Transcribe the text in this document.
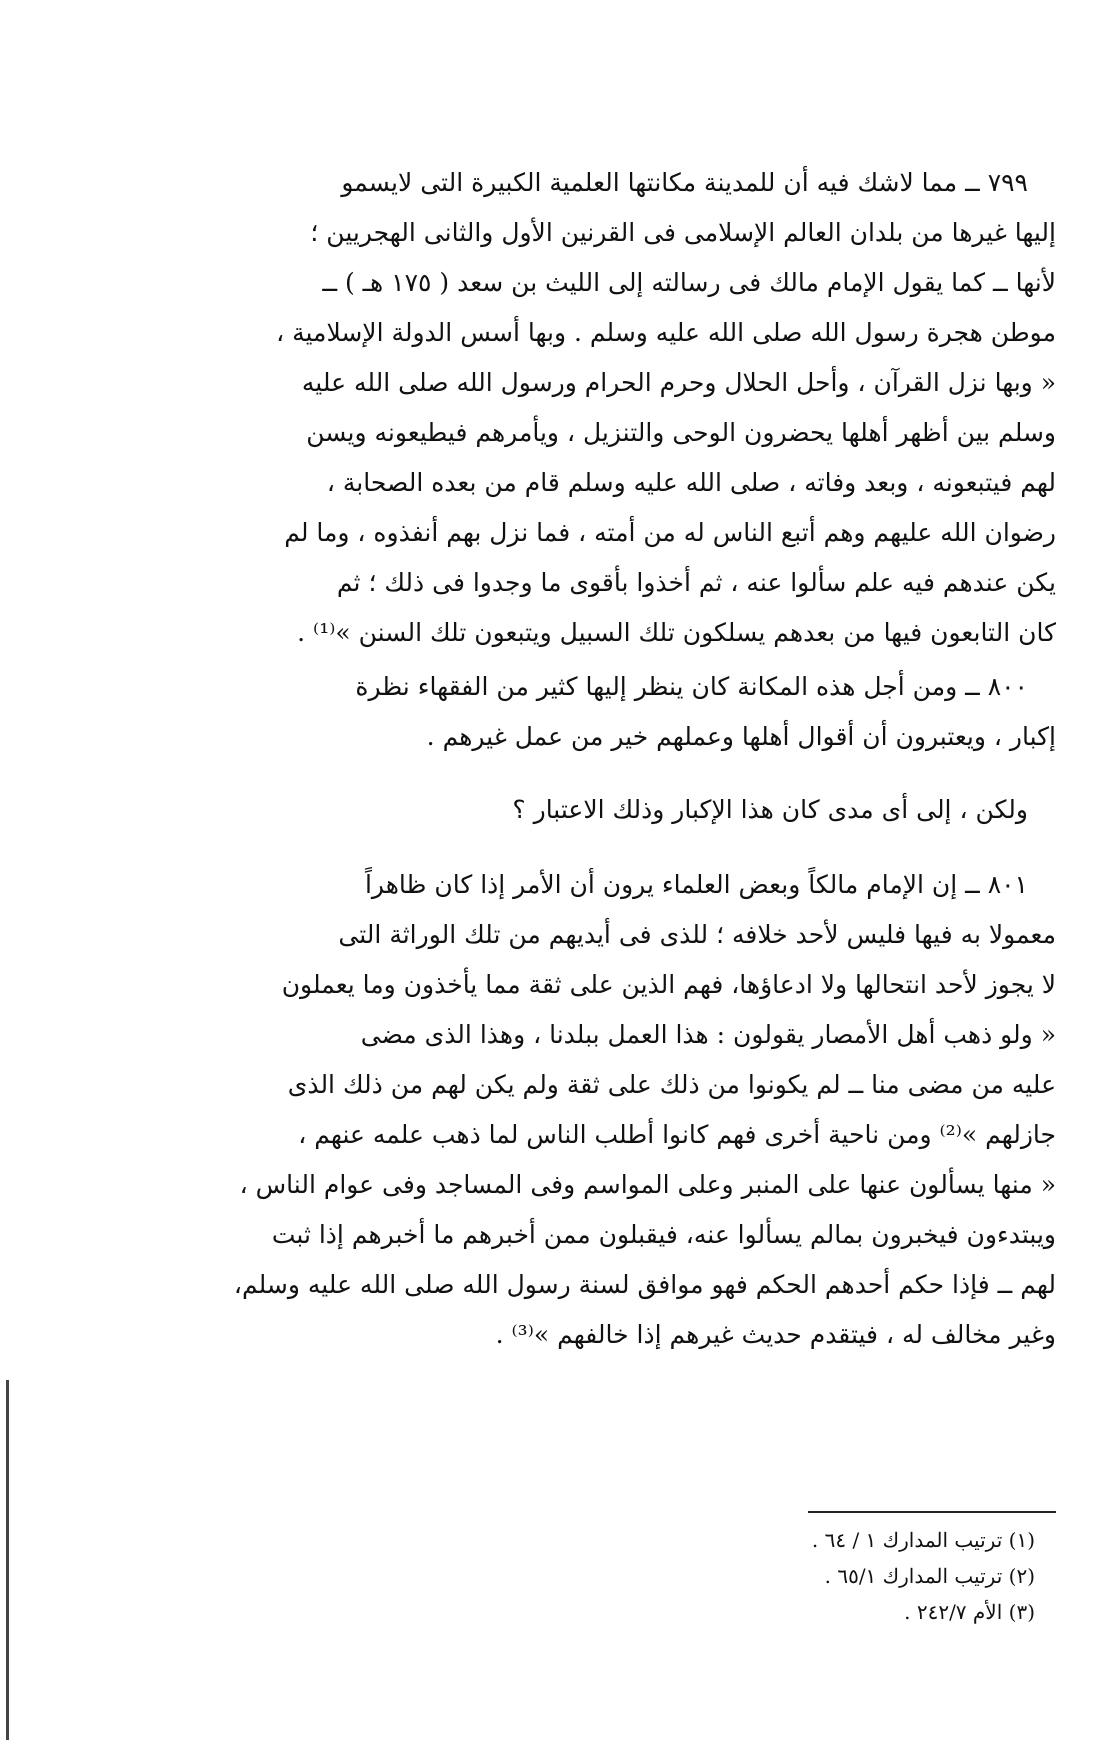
٧٩٩ ــ مما لاشك فيه أن للمدينة مكانتها العلمية الكبيرة التى لايسمو
إليها غيرها من بلدان العالم الإسلامى فى القرنين الأول والثانى الهجريين ؛
لأنها ــ كما يقول الإمام مالك فى رسالته إلى الليث بن سعد ( ١٧٥ هـ ) ــ
موطن هجرة رسول الله صلى الله عليه وسلم . وبها أسس الدولة الإسلامية ،
« وبها نزل القرآن ، وأحل الحلال وحرم الحرام ورسول الله صلى الله عليه
وسلم بين أظهر أهلها يحضرون الوحى والتنزيل ، ويأمرهم فيطيعونه ويسن
لهم فيتبعونه ، وبعد وفاته ، صلى الله عليه وسلم قام من بعده الصحابة ،
رضوان الله عليهم وهم أتبع الناس له من أمته ، فما نزل بهم أنفذوه ، وما لم
يكن عندهم فيه علم سألوا عنه ، ثم أخذوا بأقوى ما وجدوا فى ذلك ؛ ثم
كان التابعون فيها من بعدهم يسلكون تلك السبيل ويتبعون تلك السنن »⁽¹⁾ .
٨٠٠ ــ ومن أجل هذه المكانة كان ينظر إليها كثير من الفقهاء نظرة
إكبار ، ويعتبرون أن أقوال أهلها وعملهم خير من عمل غيرهم .
ولكن ، إلى أى مدى كان هذا الإكبار وذلك الاعتبار ؟
٨٠١ ــ إن الإمام مالكاً وبعض العلماء يرون أن الأمر إذا كان ظاهراً
معمولا به فيها فليس لأحد خلافه ؛ للذى فى أيديهم من تلك الوراثة التى
لا يجوز لأحد انتحالها ولا ادعاؤها، فهم الذين على ثقة مما يأخذون وما يعملون
« ولو ذهب أهل الأمصار يقولون : هذا العمل ببلدنا ، وهذا الذى مضى
عليه من مضى منا ــ لم يكونوا من ذلك على ثقة ولم يكن لهم من ذلك الذى
جازلهم »⁽²⁾ ومن ناحية أخرى فهم كانوا أطلب الناس لما ذهب علمه عنهم ،
« منها يسألون عنها على المنبر وعلى المواسم وفى المساجد وفى عوام الناس ،
ويبتدءون فيخبرون بمالم يسألوا عنه، فيقبلون ممن أخبرهم ما أخبرهم إذا ثبت
لهم ــ فإذا حكم أحدهم الحكم فهو موافق لسنة رسول الله صلى الله عليه وسلم،
وغير مخالف له ، فيتقدم حديث غيرهم إذا خالفهم »⁽³⁾ .
(١) ترتيب المدارك ١ / ٦٤ .
(٢) ترتيب المدارك ٦٥/١ .
(٣) الأم ٢٤٢/٧ .
